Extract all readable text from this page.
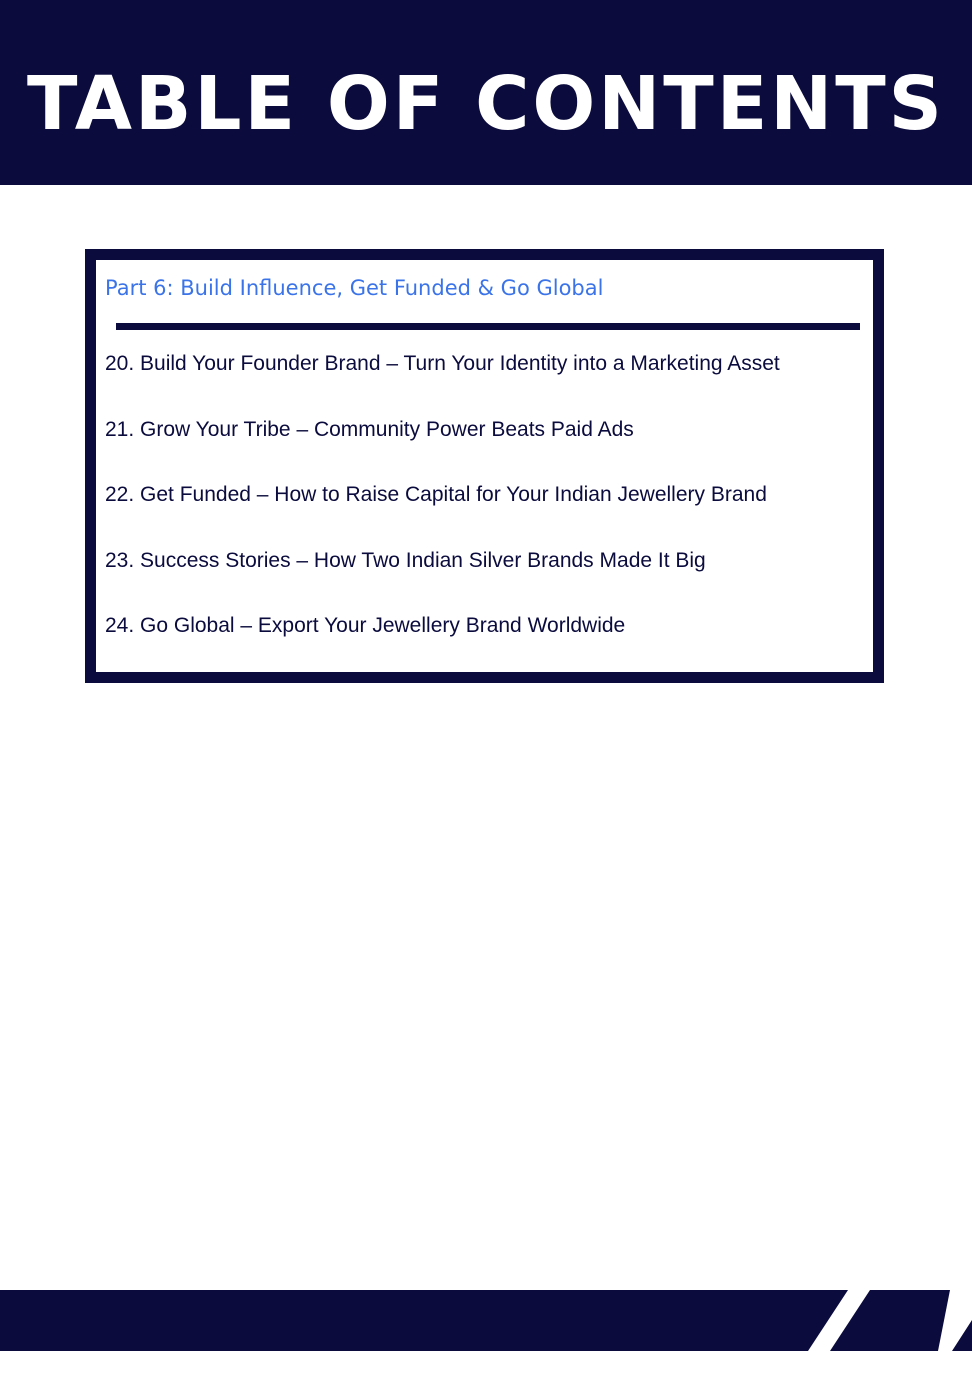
TABLE OF CONTENTS
Part 6: Build Influence, Get Funded & Go Global
20. Build Your Founder Brand – Turn Your Identity into a Marketing Asset
21. Grow Your Tribe – Community Power Beats Paid Ads
22. Get Funded – How to Raise Capital for Your Indian Jewellery Brand
23. Success Stories – How Two Indian Silver Brands Made It Big
24. Go Global – Export Your Jewellery Brand Worldwide
